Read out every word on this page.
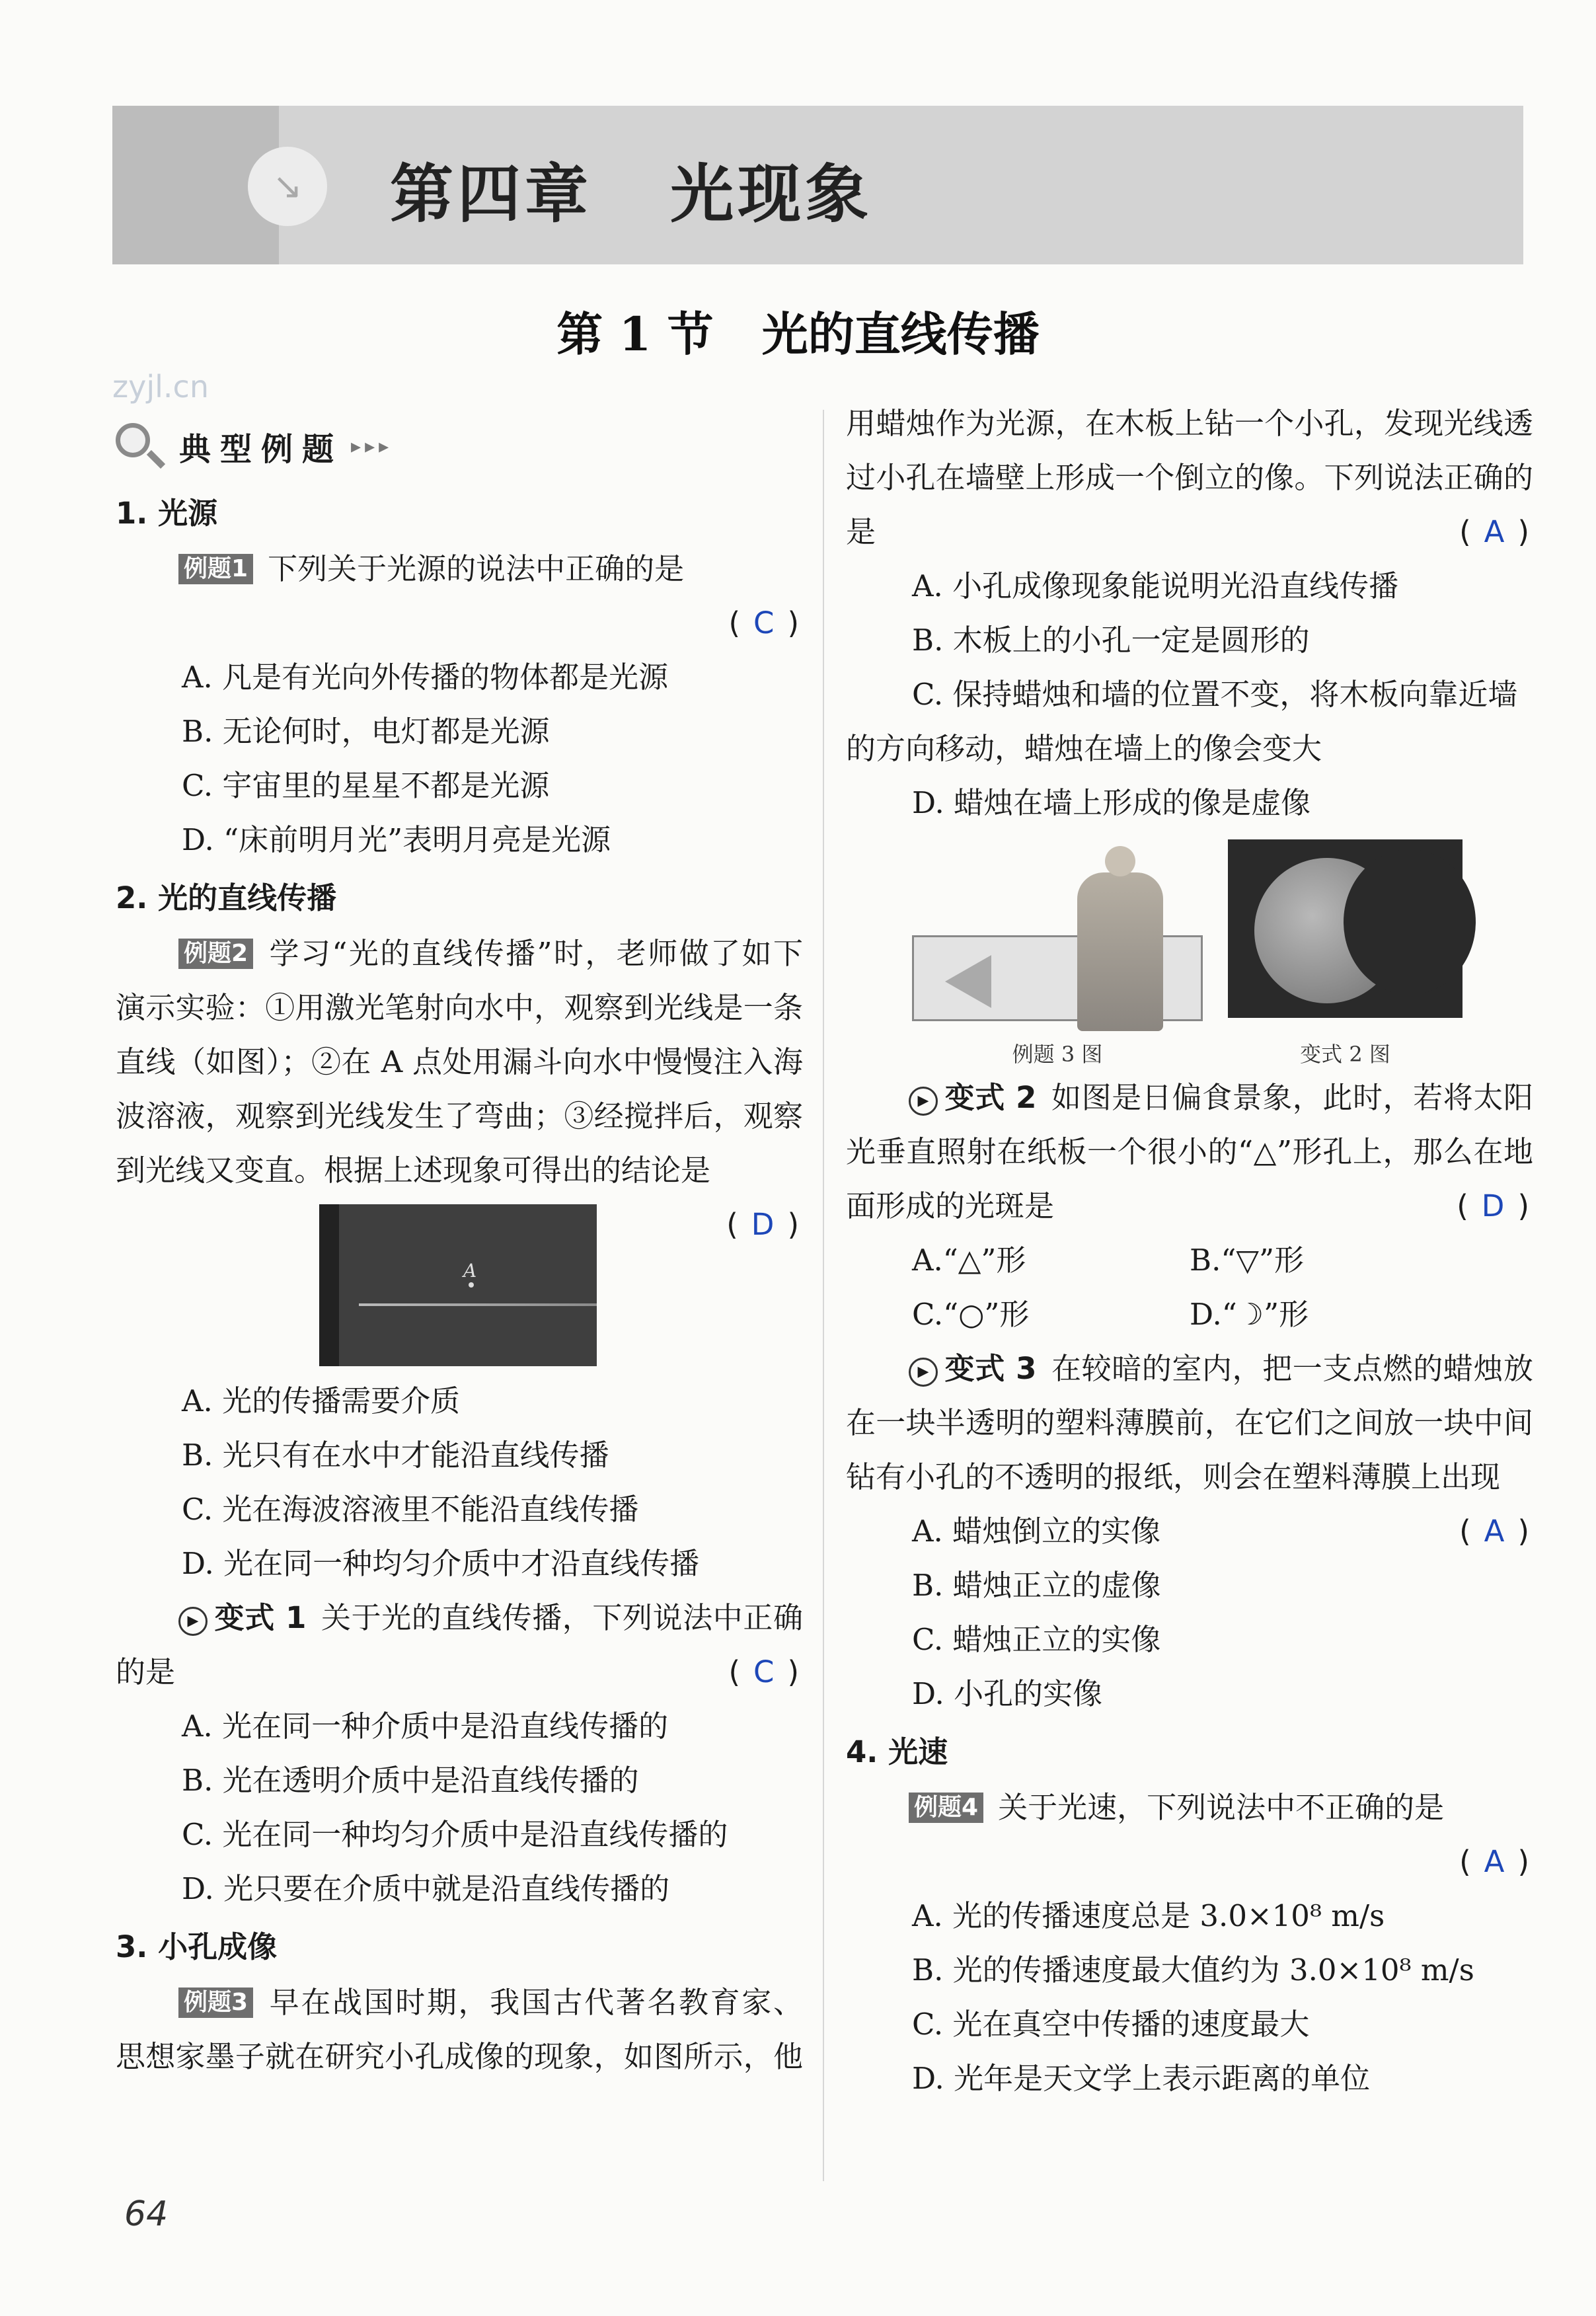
↘	第四章   光现象
第 1 节   光的直线传播
zyjl.cn
典型例题 ▸▸▸
1. 光源
例题1 下列关于光源的说法中正确的是
( C )
A. 凡是有光向外传播的物体都是光源
B. 无论何时，电灯都是光源
C. 宇宙里的星星不都是光源
D. “床前明月光”表明月亮是光源
2. 光的直线传播
例题2 学习“光的直线传播”时，老师做了如下演示实验：①用激光笔射向水中，观察到光线是一条直线（如图）；②在 A 点处用漏斗向水中慢慢注入海波溶液，观察到光线发生了弯曲；③经搅拌后，观察到光线又变直。根据上述现象可得出的结论是
( D )
A
A. 光的传播需要介质
B. 光只有在水中才能沿直线传播
C. 光在海波溶液里不能沿直线传播
D. 光在同一种均匀介质中才沿直线传播
▶ 变式 1 关于光的直线传播，下列说法中正确的是	( C )
A. 光在同一种介质中是沿直线传播的
B. 光在透明介质中是沿直线传播的
C. 光在同一种均匀介质中是沿直线传播的
D. 光只要在介质中就是沿直线传播的
3. 小孔成像
例题3 早在战国时期，我国古代著名教育家、思想家墨子就在研究小孔成像的现象，如图所示，他
用蜡烛作为光源，在木板上钻一个小孔，发现光线透过小孔在墙壁上形成一个倒立的像。下列说法正确的是	( A )
A. 小孔成像现象能说明光沿直线传播
B. 木板上的小孔一定是圆形的
C. 保持蜡烛和墙的位置不变，将木板向靠近墙的方向移动，蜡烛在墙上的像会变大
D. 蜡烛在墙上形成的像是虚像
例题 3 图	变式 2 图
▶ 变式 2 如图是日偏食景象，此时，若将太阳光垂直照射在纸板一个很小的“△”形孔上，那么在地面形成的光斑是	( D )
A.“△”形	B.“▽”形
C.“○”形	D.“☽”形
▶ 变式 3 在较暗的室内，把一支点燃的蜡烛放在一块半透明的塑料薄膜前，在它们之间放一块中间钻有小孔的不透明的报纸，则会在塑料薄膜上出现
( A )
A. 蜡烛倒立的实像
B. 蜡烛正立的虚像
C. 蜡烛正立的实像
D. 小孔的实像
4. 光速
例题4 关于光速，下列说法中不正确的是
( A )
A. 光的传播速度总是 3.0×10⁸ m/s
B. 光的传播速度最大值约为 3.0×10⁸ m/s
C. 光在真空中传播的速度最大
D. 光年是天文学上表示距离的单位
64
